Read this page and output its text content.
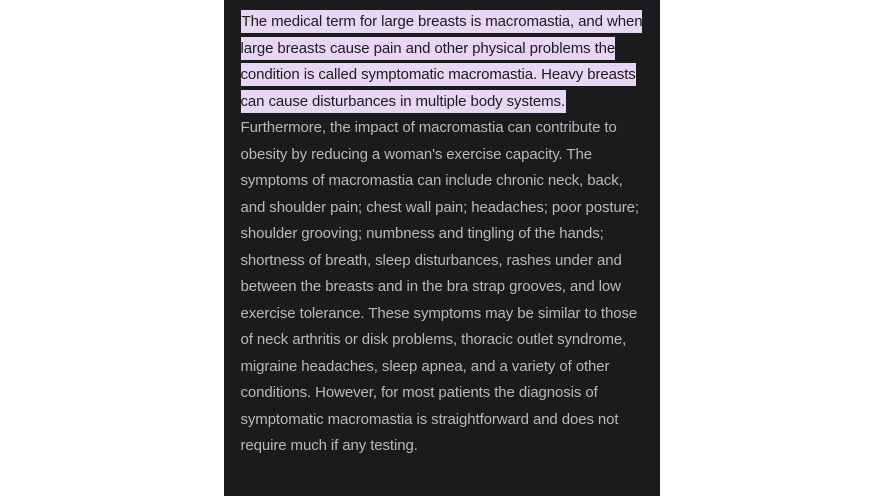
The medical term for large breasts is macromastia, and when large breasts cause pain and other physical problems the condition is called symptomatic macromastia. Heavy breasts can cause disturbances in multiple body systems. Furthermore, the impact of macromastia can contribute to obesity by reducing a woman's exercise capacity. The symptoms of macromastia can include chronic neck, back, and shoulder pain; chest wall pain; headaches; poor posture; shoulder grooving; numbness and tingling of the hands; shortness of breath, sleep disturbances, rashes under and between the breasts and in the bra strap grooves, and low exercise tolerance. These symptoms may be similar to those of neck arthritis or disk problems, thoracic outlet syndrome, migraine headaches, sleep apnea, and a variety of other conditions. However, for most patients the diagnosis of symptomatic macromastia is straightforward and does not require much if any testing.
